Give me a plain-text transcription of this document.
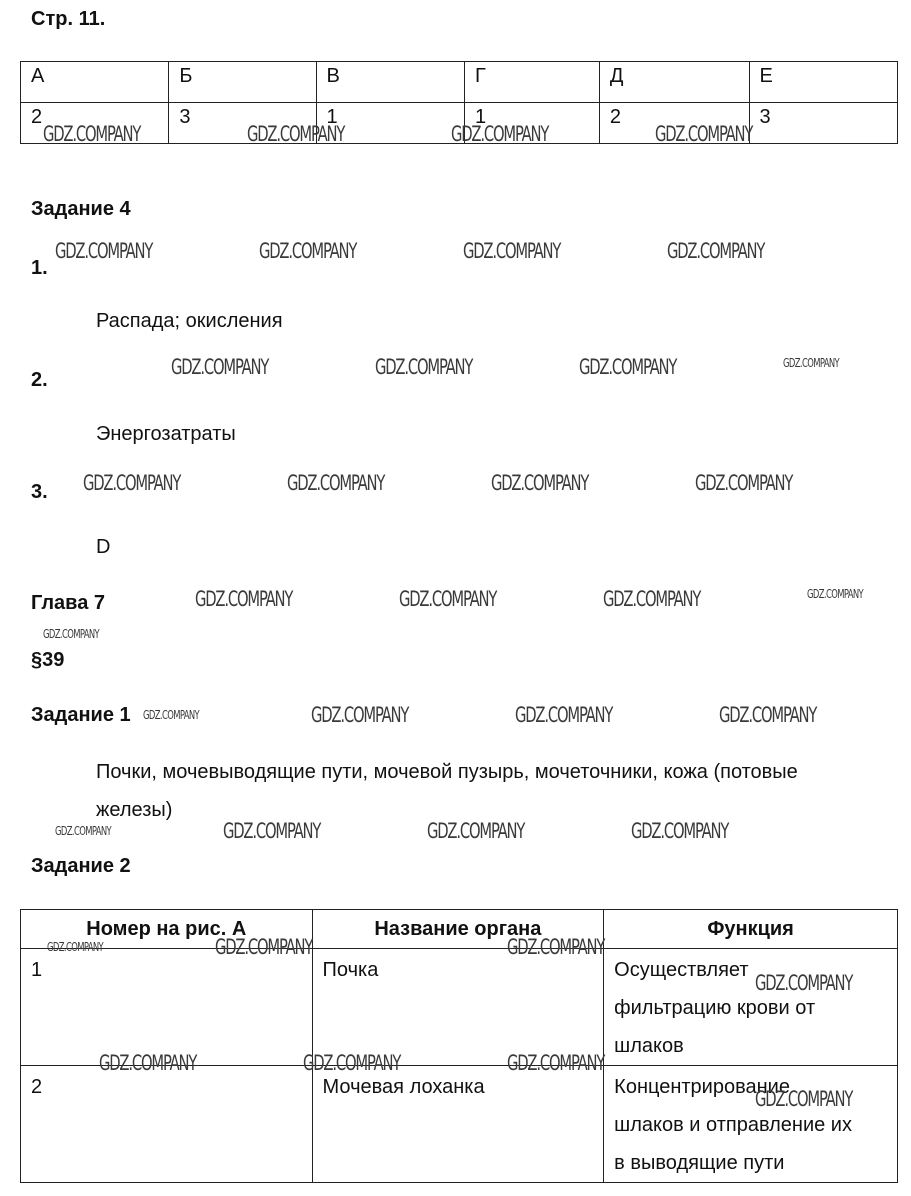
Стр. 11.
А	Б	В	Г	Д	Е
2	3	1	1	2	3
Задание 4
1.
Распада; окисления
2.
Энергозатраты
3.
D
Глава 7
§39
Задание 1
Почки, мочевыводящие пути, мочевой пузырь, мочеточники, кожа (потовые
железы)
Задание 2
Номер на рис. А	Название органа	Функция
1	Почка	Осуществляет
фильтрацию крови от
шлаков

2	Мочевая лоханка	Концентрирование
шлаков и отправление их
в выводящие пути
GDZ.COMPANY	GDZ.COMPANY	GDZ.COMPANY	GDZ.COMPANY
GDZ.COMPANY	GDZ.COMPANY	GDZ.COMPANY	GDZ.COMPANY
GDZ.COMPANY	GDZ.COMPANY	GDZ.COMPANY	GDZ.COMPANY
GDZ.COMPANY	GDZ.COMPANY	GDZ.COMPANY	GDZ.COMPANY
GDZ.COMPANY	GDZ.COMPANY	GDZ.COMPANY	GDZ.COMPANY
GDZ.COMPANY
GDZ.COMPANY	GDZ.COMPANY	GDZ.COMPANY	GDZ.COMPANY
GDZ.COMPANY	GDZ.COMPANY	GDZ.COMPANY	GDZ.COMPANY
GDZ.COMPANY	GDZ.COMPANY	GDZ.COMPANY
GDZ.COMPANY
GDZ.COMPANY	GDZ.COMPANY	GDZ.COMPANY
GDZ.COMPANY
